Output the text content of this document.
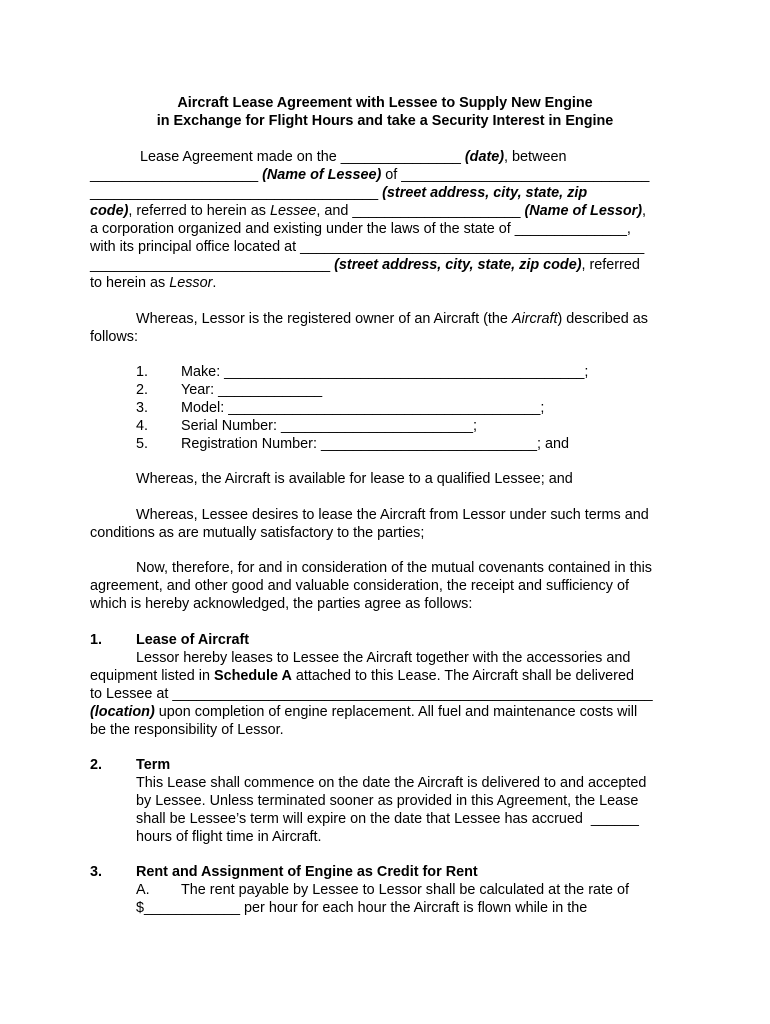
Aircraft Lease Agreement with Lessee to Supply New Engine
in Exchange for Flight Hours and take a Security Interest in Engine
Lease Agreement made on the _______________ (date), between
_____________________ (Name of Lessee) of _______________________________
____________________________________ (street address, city, state, zip
code), referred to herein as Lessee, and _____________________ (Name of Lessor),
a corporation organized and existing under the laws of the state of ______________,
with its principal office located at ___________________________________________
______________________________ (street address, city, state, zip code), referred
to herein as Lessor.
Whereas, Lessor is the registered owner of an Aircraft (the Aircraft) described as
follows:
1. Make: _____________________________________________;
2. Year: _____________
3. Model: _______________________________________;
4. Serial Number: ________________________;
5. Registration Number: ___________________________; and
Whereas, the Aircraft is available for lease to a qualified Lessee; and
Whereas, Lessee desires to lease the Aircraft from Lessor under such terms and
conditions as are mutually satisfactory to the parties;
Now, therefore, for and in consideration of the mutual covenants contained in this
agreement, and other good and valuable consideration, the receipt and sufficiency of
which is hereby acknowledged, the parties agree as follows:
1. Lease of Aircraft
Lessor hereby leases to Lessee the Aircraft together with the accessories and
equipment listed in Schedule A attached to this Lease. The Aircraft shall be delivered
to Lessee at ____________________________________________________________
(location) upon completion of engine replacement. All fuel and maintenance costs will
be the responsibility of Lessor.
2. Term
This Lease shall commence on the date the Aircraft is delivered to and accepted
by Lessee. Unless terminated sooner as provided in this Agreement, the Lease
shall be Lessee’s term will expire on the date that Lessee has accrued  ______
hours of flight time in Aircraft.
3. Rent and Assignment of Engine as Credit for Rent
A. The rent payable by Lessee to Lessor shall be calculated at the rate of
$____________ per hour for each hour the Aircraft is flown while in the
